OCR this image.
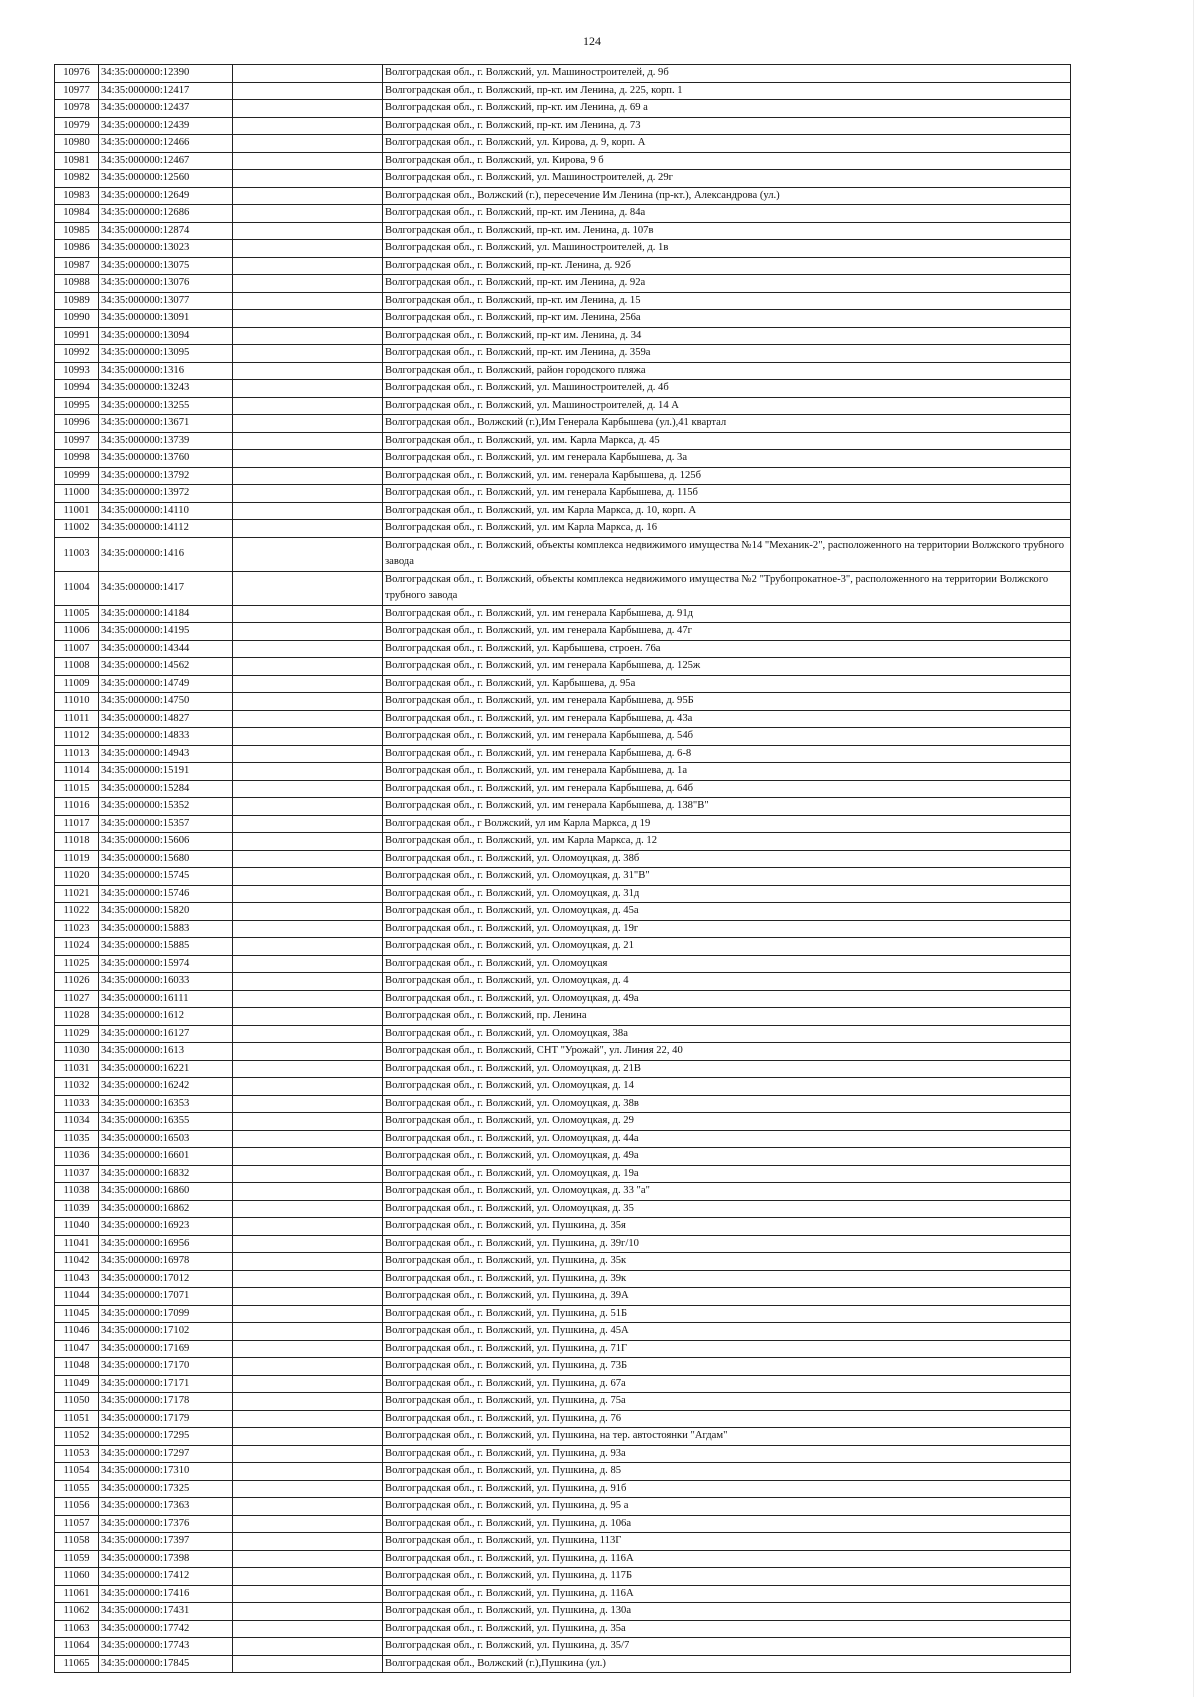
124
10976	34:35:000000:12390		Волгоградская обл., г. Волжский, ул. Машиностроителей, д. 9б
10977	34:35:000000:12417		Волгоградская обл., г. Волжский, пр-кт. им Ленина, д. 225, корп. 1
10978	34:35:000000:12437		Волгоградская обл., г. Волжский, пр-кт. им Ленина, д. 69 а
10979	34:35:000000:12439		Волгоградская обл., г. Волжский, пр-кт. им Ленина, д. 73
10980	34:35:000000:12466		Волгоградская обл., г. Волжский, ул. Кирова, д. 9, корп. А
10981	34:35:000000:12467		Волгоградская обл., г. Волжский, ул. Кирова, 9 б
10982	34:35:000000:12560		Волгоградская обл., г. Волжский, ул. Машиностроителей, д. 29г
10983	34:35:000000:12649		Волгоградская обл., Волжский (г.), пересечение Им Ленина (пр-кт.), Александрова (ул.)
10984	34:35:000000:12686		Волгоградская обл., г. Волжский, пр-кт. им Ленина, д. 84а
10985	34:35:000000:12874		Волгоградская обл., г. Волжский, пр-кт. им. Ленина, д. 107в
10986	34:35:000000:13023		Волгоградская обл., г. Волжский, ул. Машиностроителей, д. 1в
10987	34:35:000000:13075		Волгоградская обл., г. Волжский, пр-кт. Ленина, д. 92б
10988	34:35:000000:13076		Волгоградская обл., г. Волжский, пр-кт. им Ленина, д. 92а
10989	34:35:000000:13077		Волгоградская обл., г. Волжский, пр-кт. им Ленина, д. 15
10990	34:35:000000:13091		Волгоградская обл., г. Волжский, пр-кт им. Ленина, 256а
10991	34:35:000000:13094		Волгоградская обл., г. Волжский, пр-кт им. Ленина, д. 34
10992	34:35:000000:13095		Волгоградская обл., г. Волжский, пр-кт. им Ленина, д. 359а
10993	34:35:000000:1316		Волгоградская обл., г. Волжский, район городского пляжа
10994	34:35:000000:13243		Волгоградская обл., г. Волжский, ул. Машиностроителей, д. 4б
10995	34:35:000000:13255		Волгоградская обл., г. Волжский, ул. Машиностроителей, д. 14 А
10996	34:35:000000:13671		Волгоградская обл., Волжский (г.),Им Генерала Карбышева (ул.),41 квартал
10997	34:35:000000:13739		Волгоградская обл., г. Волжский, ул. им. Карла Маркса, д. 45
10998	34:35:000000:13760		Волгоградская обл., г. Волжский, ул. им генерала Карбышева, д. 3а
10999	34:35:000000:13792		Волгоградская обл., г. Волжский, ул. им. генерала Карбышева, д. 125б
11000	34:35:000000:13972		Волгоградская обл., г. Волжский, ул. им генерала Карбышева, д. 115б
11001	34:35:000000:14110		Волгоградская обл., г. Волжский, ул. им Карла Маркса, д. 10, корп. А
11002	34:35:000000:14112		Волгоградская обл., г. Волжский, ул. им Карла Маркса, д. 16
11003	34:35:000000:1416		Волгоградская обл., г. Волжский, объекты комплекса недвижимого имущества №14 "Механик-2", расположенного на территории Волжского трубного завода
11004	34:35:000000:1417		Волгоградская обл., г. Волжский, объекты комплекса недвижимого имущества №2 "Трубопрокатное-3", расположенного на территории Волжского трубного завода
11005	34:35:000000:14184		Волгоградская обл., г. Волжский, ул. им генерала Карбышева, д. 91д
11006	34:35:000000:14195		Волгоградская обл., г. Волжский, ул. им генерала Карбышева, д. 47г
11007	34:35:000000:14344		Волгоградская обл., г. Волжский, ул. Карбышева, строен. 76а
11008	34:35:000000:14562		Волгоградская обл., г. Волжский, ул. им генерала Карбышева, д. 125ж
11009	34:35:000000:14749		Волгоградская обл., г. Волжский, ул. Карбышева, д. 95а
11010	34:35:000000:14750		Волгоградская обл., г. Волжский, ул. им генерала Карбышева, д. 95Б
11011	34:35:000000:14827		Волгоградская обл., г. Волжский, ул. им генерала Карбышева, д. 43а
11012	34:35:000000:14833		Волгоградская обл., г. Волжский, ул. им генерала Карбышева, д. 54б
11013	34:35:000000:14943		Волгоградская обл., г. Волжский, ул. им генерала Карбышева, д. 6-8
11014	34:35:000000:15191		Волгоградская обл., г. Волжский, ул. им генерала Карбышева, д. 1а
11015	34:35:000000:15284		Волгоградская обл., г. Волжский, ул. им генерала Карбышева, д. 64б
11016	34:35:000000:15352		Волгоградская обл., г. Волжский, ул. им генерала Карбышева, д. 138"В"
11017	34:35:000000:15357		Волгоградская обл., г Волжский, ул им Карла Маркса, д 19
11018	34:35:000000:15606		Волгоградская обл., г. Волжский, ул. им Карла Маркса, д. 12
11019	34:35:000000:15680		Волгоградская обл., г. Волжский, ул. Оломоуцкая, д. 38б
11020	34:35:000000:15745		Волгоградская обл., г. Волжский, ул. Оломоуцкая, д. 31"В"
11021	34:35:000000:15746		Волгоградская обл., г. Волжский, ул. Оломоуцкая, д. 31д
11022	34:35:000000:15820		Волгоградская обл., г. Волжский, ул. Оломоуцкая, д. 45а
11023	34:35:000000:15883		Волгоградская обл., г. Волжский, ул. Оломоуцкая, д. 19г
11024	34:35:000000:15885		Волгоградская обл., г. Волжский, ул. Оломоуцкая, д. 21
11025	34:35:000000:15974		Волгоградская обл., г. Волжский, ул. Оломоуцкая
11026	34:35:000000:16033		Волгоградская обл., г. Волжский, ул. Оломоуцкая, д. 4
11027	34:35:000000:16111		Волгоградская обл., г. Волжский, ул. Оломоуцкая, д. 49а
11028	34:35:000000:1612		Волгоградская обл., г. Волжский, пр. Ленина
11029	34:35:000000:16127		Волгоградская обл., г. Волжский, ул. Оломоуцкая, 38а
11030	34:35:000000:1613		Волгоградская обл., г. Волжский, СНТ "Урожай", ул. Линия 22, 40
11031	34:35:000000:16221		Волгоградская обл., г. Волжский, ул. Оломоуцкая, д. 21В
11032	34:35:000000:16242		Волгоградская обл., г. Волжский, ул. Оломоуцкая, д. 14
11033	34:35:000000:16353		Волгоградская обл., г. Волжский, ул. Оломоуцкая, д. 38в
11034	34:35:000000:16355		Волгоградская обл., г. Волжский, ул. Оломоуцкая, д. 29
11035	34:35:000000:16503		Волгоградская обл., г. Волжский, ул. Оломоуцкая, д. 44а
11036	34:35:000000:16601		Волгоградская обл., г. Волжский, ул. Оломоуцкая, д. 49а
11037	34:35:000000:16832		Волгоградская обл., г. Волжский, ул. Оломоуцкая, д. 19а
11038	34:35:000000:16860		Волгоградская обл., г. Волжский, ул. Оломоуцкая, д. 33 "а"
11039	34:35:000000:16862		Волгоградская обл., г. Волжский, ул. Оломоуцкая, д. 35
11040	34:35:000000:16923		Волгоградская обл., г. Волжский, ул. Пушкина, д. 35я
11041	34:35:000000:16956		Волгоградская обл., г. Волжский, ул. Пушкина, д. 39г/10
11042	34:35:000000:16978		Волгоградская обл., г. Волжский, ул. Пушкина, д. 35к
11043	34:35:000000:17012		Волгоградская обл., г. Волжский, ул. Пушкина, д. 39к
11044	34:35:000000:17071		Волгоградская обл., г. Волжский, ул. Пушкина, д. 39А
11045	34:35:000000:17099		Волгоградская обл., г. Волжский, ул. Пушкина, д. 51Б
11046	34:35:000000:17102		Волгоградская обл., г. Волжский, ул. Пушкина, д. 45А
11047	34:35:000000:17169		Волгоградская обл., г. Волжский, ул. Пушкина, д. 71Г
11048	34:35:000000:17170		Волгоградская обл., г. Волжский, ул. Пушкина, д. 73Б
11049	34:35:000000:17171		Волгоградская обл., г. Волжский, ул. Пушкина, д. 67а
11050	34:35:000000:17178		Волгоградская обл., г. Волжский, ул. Пушкина, д. 75а
11051	34:35:000000:17179		Волгоградская обл., г. Волжский, ул. Пушкина, д. 76
11052	34:35:000000:17295		Волгоградская обл., г. Волжский, ул. Пушкина, на тер. автостоянки "Агдам"
11053	34:35:000000:17297		Волгоградская обл., г. Волжский, ул. Пушкина, д. 93а
11054	34:35:000000:17310		Волгоградская обл., г. Волжский, ул. Пушкина, д. 85
11055	34:35:000000:17325		Волгоградская обл., г. Волжский, ул. Пушкина, д. 91б
11056	34:35:000000:17363		Волгоградская обл., г. Волжский, ул. Пушкина, д. 95 а
11057	34:35:000000:17376		Волгоградская обл., г. Волжский, ул. Пушкина, д. 106а
11058	34:35:000000:17397		Волгоградская обл., г. Волжский, ул. Пушкина, 113Г
11059	34:35:000000:17398		Волгоградская обл., г. Волжский, ул. Пушкина, д. 116А
11060	34:35:000000:17412		Волгоградская обл., г. Волжский, ул. Пушкина, д. 117Б
11061	34:35:000000:17416		Волгоградская обл., г. Волжский, ул. Пушкина, д. 116А
11062	34:35:000000:17431		Волгоградская обл., г. Волжский, ул. Пушкина, д. 130а
11063	34:35:000000:17742		Волгоградская обл., г. Волжский, ул. Пушкина, д. 35а
11064	34:35:000000:17743		Волгоградская обл., г. Волжский, ул. Пушкина, д. 35/7
11065	34:35:000000:17845		Волгоградская обл., Волжский (г.),Пушкина (ул.)
